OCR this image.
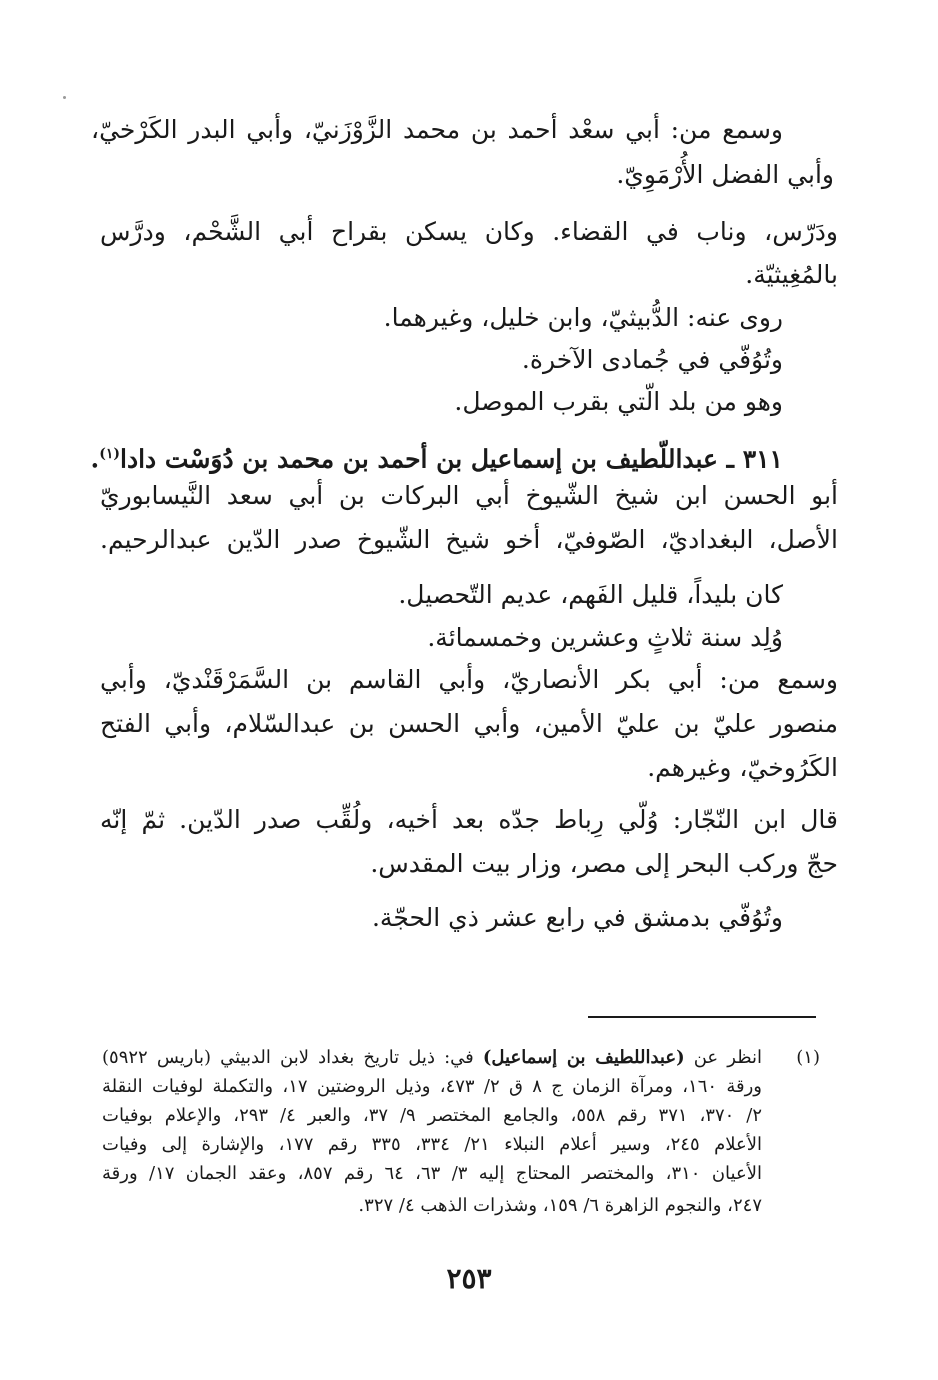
وسمع من: أبي سعْد أحمد بن محمد الزَّوْزَنيّ، وأبي البدر الكَرْخيّ،
وأبي الفضل الأُرْمَوِيّ.
ودَرّس، وناب في القضاء. وكان يسكن بقراح أبي الشَّحْم، ودرَّس
بالمُغِيثيّة.
روى عنه: الدُّبيثيّ، وابن خليل، وغيرهما.
وتُوُفّي في جُمادى الآخرة.
وهو من بلد الّتي بقرب الموصل.
٣١١ ـ عبداللّطيف بن إسماعيل بن أحمد بن محمد بن دُوَسْت دادا$^{(١)}$.
أبو الحسن ابن شيخ الشّيوخ أبي البركات بن أبي سعد النَّيسابوريّ
الأصل، البغداديّ، الصّوفيّ، أخو شيخ الشّيوخ صدر الدّين عبدالرحيم.
كان بليداً، قليل الفَهم، عديم التّحصيل.
وُلِد سنة ثلاثٍ وعشرين وخمسمائة.
وسمع من: أبي بكر الأنصاريّ، وأبي القاسم بن السَّمَرْقَنْديّ، وأبي
منصور عليّ بن عليّ الأمين، وأبي الحسن بن عبدالسّلام، وأبي الفتح
الكَرُوخيّ، وغيرهم.
قال ابن النّجّار: وُلّي رِباط جدّه بعد أخيه، ولُقِّب صدر الدّين. ثمّ إنّه
حجّ وركب البحر إلى مصر، وزار بيت المقدس.
وتُوُفّي بدمشق في رابع عشر ذي الحجّة.
(١)
انظر عن (عبداللطيف بن إسماعيل) في: ذيل تاريخ بغداد لابن الدبيثي (باريس ٥٩٢٢)
ورقة ١٦٠، ومرآة الزمان ج ٨ ق ٢/ ٤٧٣، وذيل الروضتين ١٧، والتكملة لوفيات النقلة
٢/ ٣٧٠، ٣٧١ رقم ٥٥٨، والجامع المختصر ٩/ ٣٧، والعبر ٤/ ٢٩٣، والإعلام بوفيات
الأعلام ٢٤٥، وسير أعلام النبلاء ٢١/ ٣٣٤، ٣٣٥ رقم ١٧٧، والإشارة إلى وفيات
الأعيان ٣١٠، والمختصر المحتاج إليه ٣/ ٦٣، ٦٤ رقم ٨٥٧، وعقد الجمان ١٧/ ورقة
٢٤٧، والنجوم الزاهرة ٦/ ١٥٩، وشذرات الذهب ٤/ ٣٢٧.
٢٥٣
